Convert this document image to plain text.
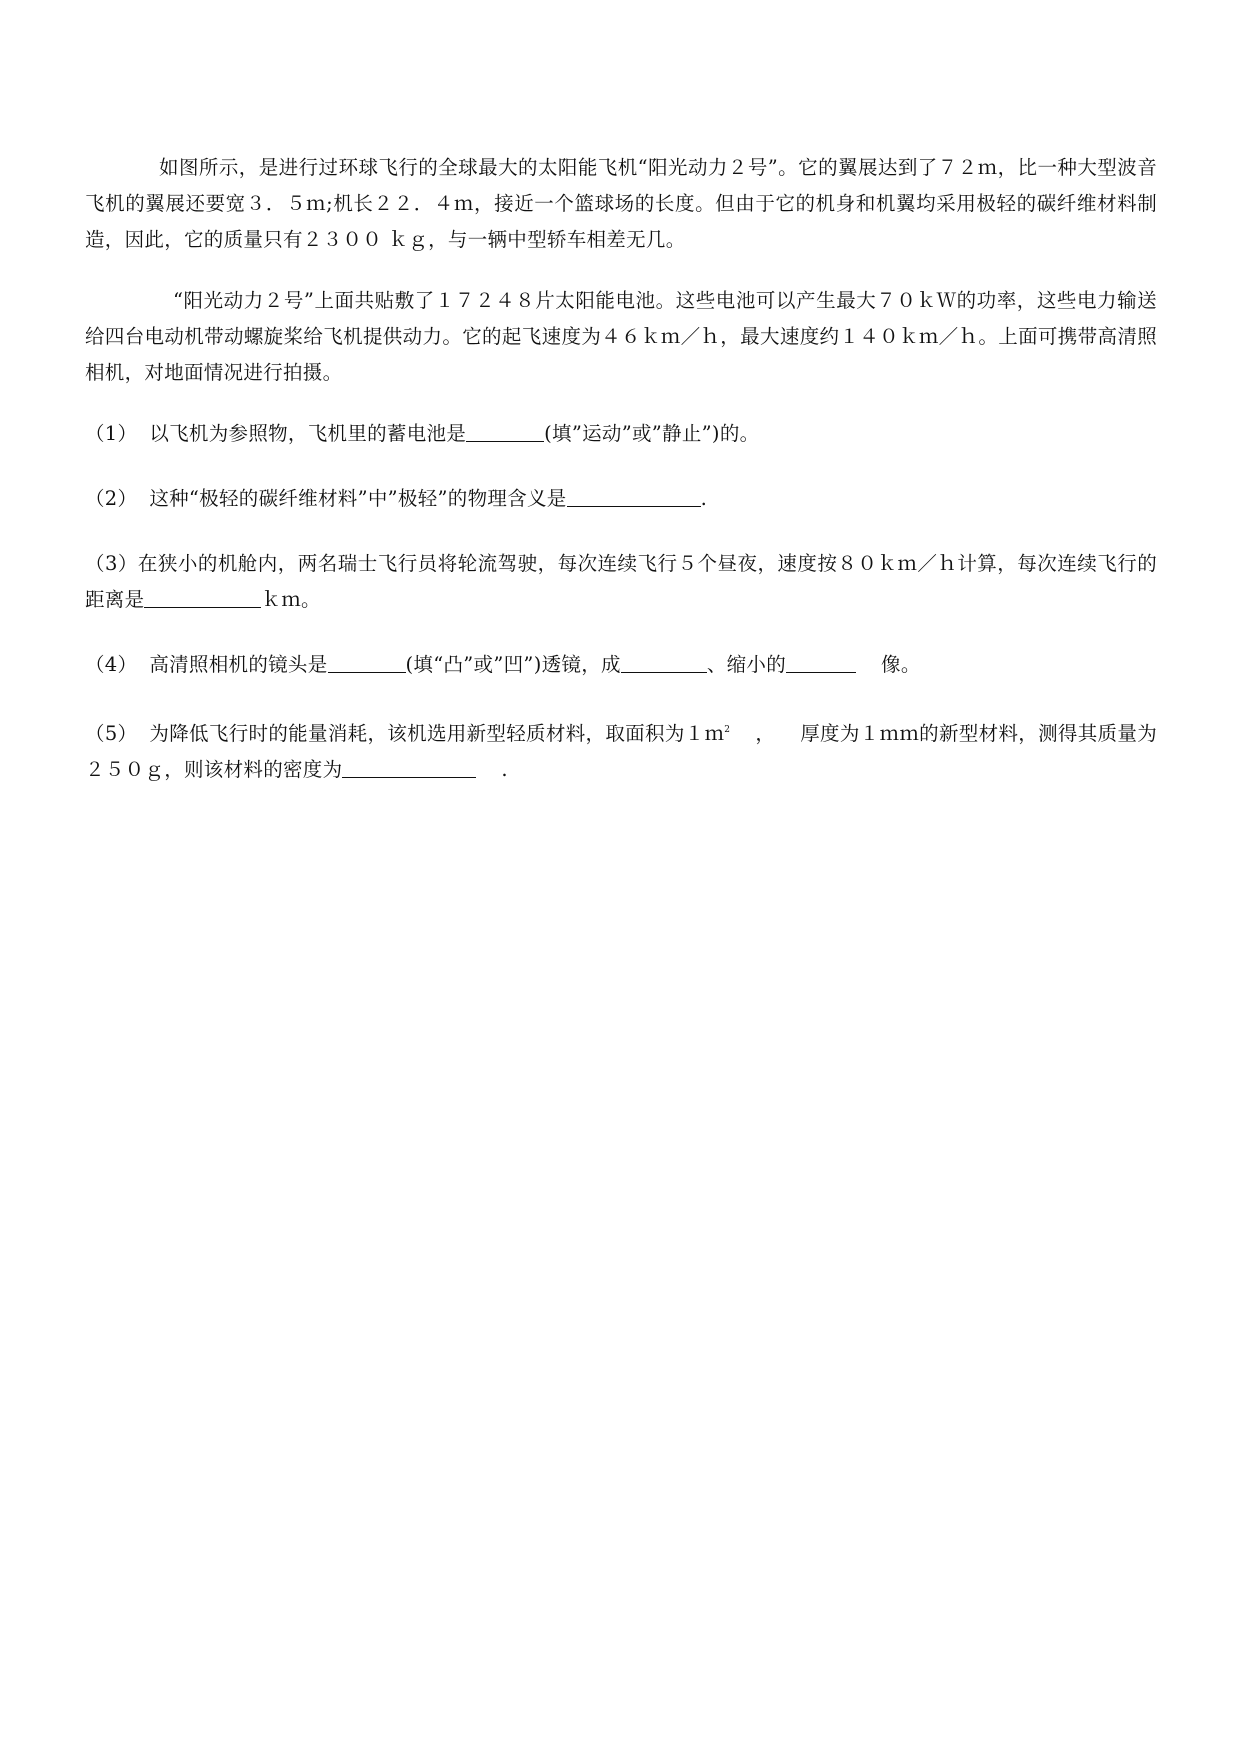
如图所示，是进行过环球飞行的全球最大的太阳能飞机“阳光动力２号”。它的翼展达到了７２ｍ，比一种大型波音飞机的翼展还要宽３．５ｍ;机长２２．４ｍ，接近一个篮球场的长度。但由于它的机身和机翼均采用极轻的碳纤维材料制造，因此，它的质量只有２３００ ｋｇ，与一辆中型轿车相差无几。

“阳光动力２号”上面共贴敷了１７２４８片太阳能电池。这些电池可以产生最大７０ｋＷ的功率，这些电力输送给四台电动机带动螺旋桨给飞机提供动力。它的起飞速度为４６ｋｍ／ｈ，最大速度约１４０ｋｍ／ｈ。上面可携带高清照相机，对地面情况进行拍摄。

（1） 以飞机为参照物，飞机里的蓄电池是	(填”运动”或”静止”)的。

（2） 这种“极轻的碳纤维材料”中”极轻”的物理含义是	.

（3）在狭小的机舱内，两名瑞士飞行员将轮流驾驶，每次连续飞行５个昼夜，速度按８０ｋｍ／ｈ计算，每次连续飞行的距离是	ｋｍ。

（4） 高清照相机的镜头是	(填“凸”或”凹”)透镜，成	、缩小的	像。

（5） 为降低飞行时的能量消耗，该机选用新型轻质材料，取面积为１ｍ$^2$ ， 厚度为１ｍｍ的新型材料，测得其质量为２５０ｇ，则该材料的密度为	.
